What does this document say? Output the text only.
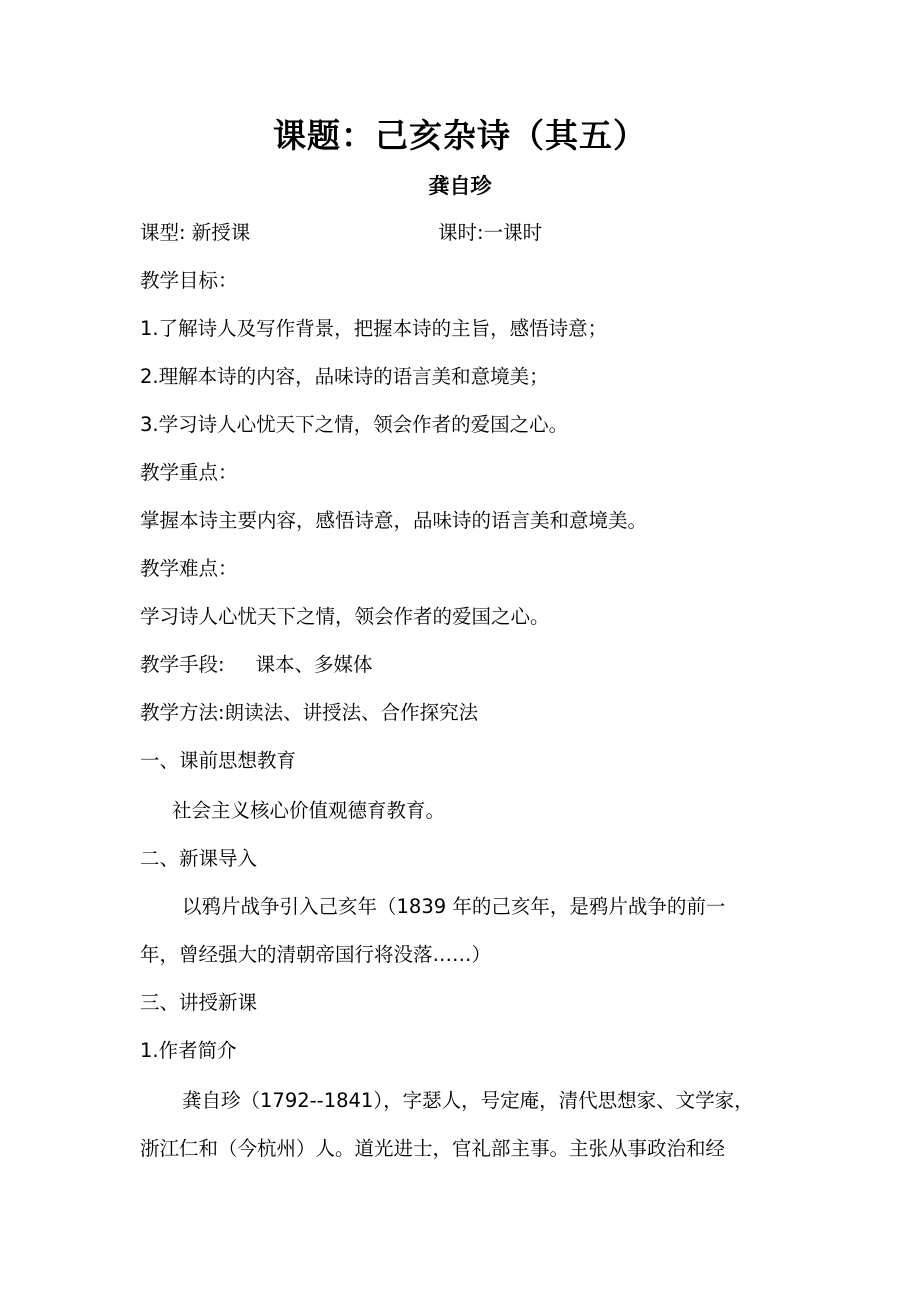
课题：己亥杂诗（其五）
龚自珍
课型: 新授课	课时:一课时
教学目标：
1.了解诗人及写作背景，把握本诗的主旨，感悟诗意；
2.理解本诗的内容，品味诗的语言美和意境美；
3.学习诗人心忧天下之情，领会作者的爱国之心。
教学重点：
掌握本诗主要内容，感悟诗意，品味诗的语言美和意境美。
教学难点：
学习诗人心忧天下之情，领会作者的爱国之心。
教学手段:     课本、多媒体
教学方法:朗读法、讲授法、合作探究法
一、课前思想教育
社会主义核心价值观德育教育。
二、新课导入
以鸦片战争引入己亥年（1839 年的己亥年，是鸦片战争的前一
年，曾经强大的清朝帝国行将没落……）
三、讲授新课
1.作者简介
龚自珍（1792--1841），字瑟人，号定庵，清代思想家、文学家，
浙江仁和（今杭州）人。道光进士，官礼部主事。主张从事政治和经
